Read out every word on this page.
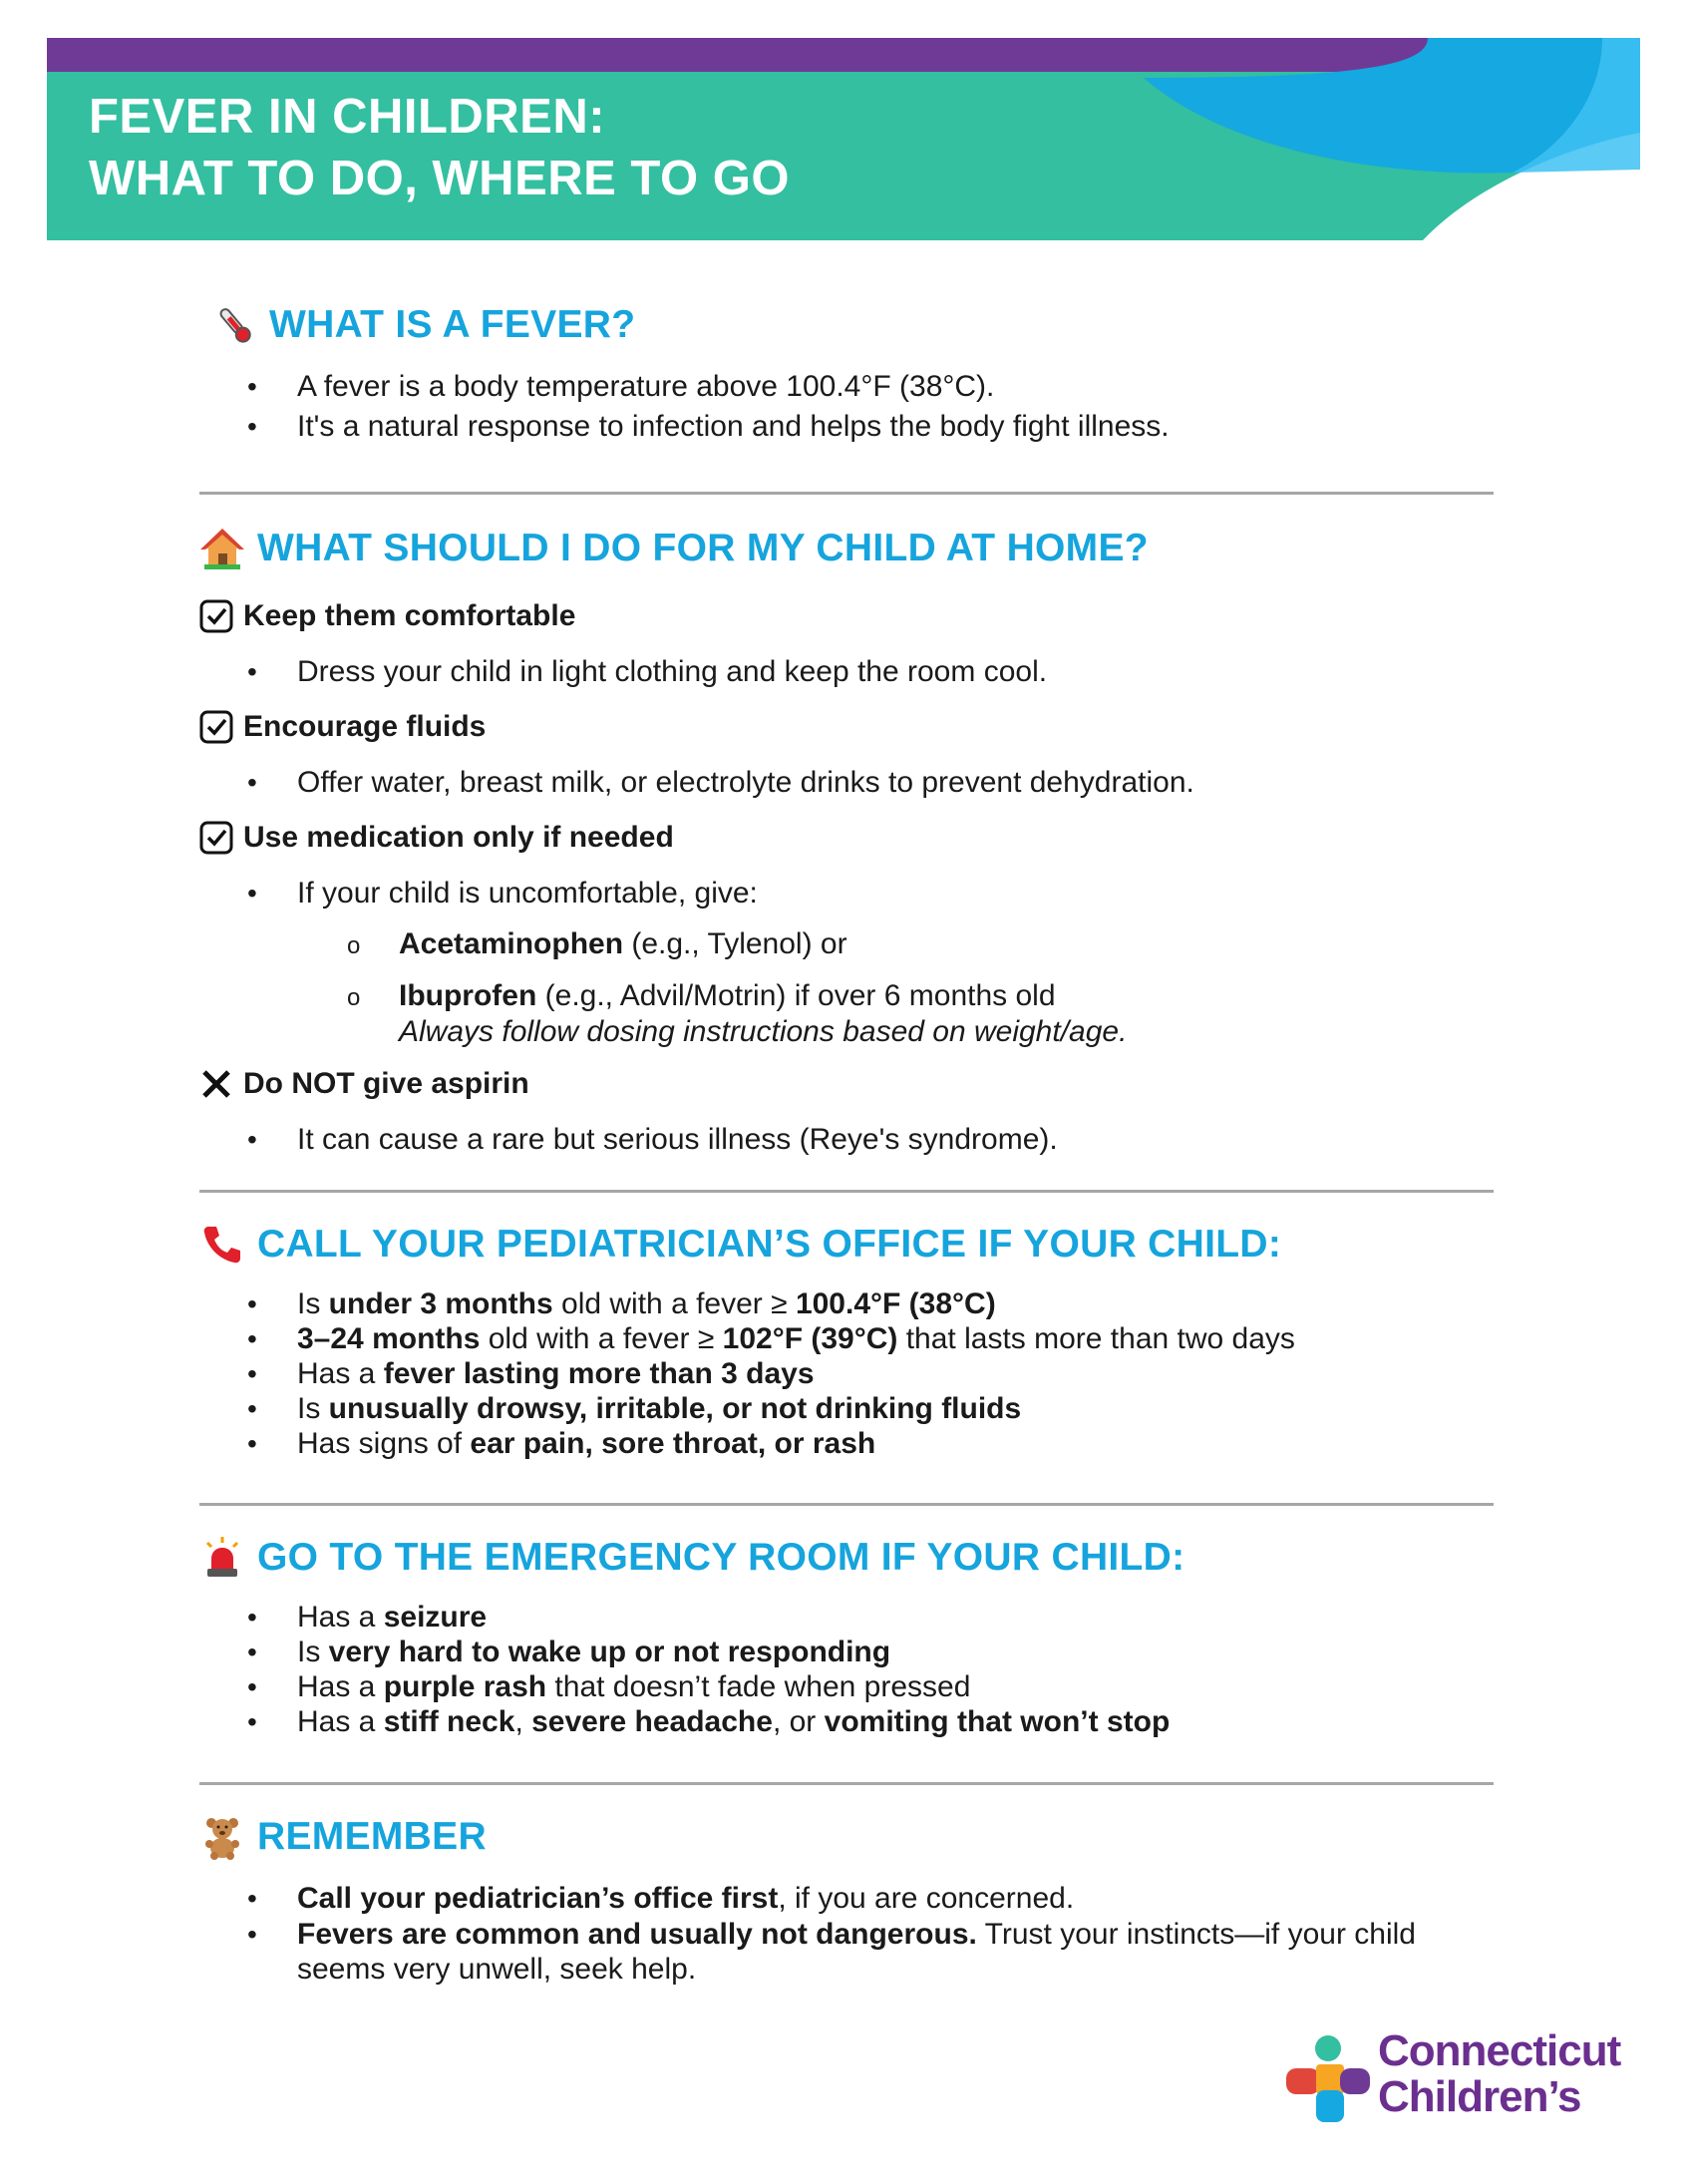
FEVER IN CHILDREN:
WHAT TO DO, WHERE TO GO
WHAT IS A FEVER?
• A fever is a body temperature above 100.4°F (38°C).
• It's a natural response to infection and helps the body fight illness.
WHAT SHOULD I DO FOR MY CHILD AT HOME?
Keep them comfortable
• Dress your child in light clothing and keep the room cool.
Encourage fluids
• Offer water, breast milk, or electrolyte drinks to prevent dehydration.
Use medication only if needed
• If your child is uncomfortable, give:
o Acetaminophen (e.g., Tylenol) or
o Ibuprofen (e.g., Advil/Motrin) if over 6 months old
Always follow dosing instructions based on weight/age.
Do NOT give aspirin
• It can cause a rare but serious illness (Reye's syndrome).
CALL YOUR PEDIATRICIAN’S OFFICE IF YOUR CHILD:
• Is under 3 months old with a fever ≥ 100.4°F (38°C)
• 3–24 months old with a fever ≥ 102°F (39°C) that lasts more than two days
• Has a fever lasting more than 3 days
• Is unusually drowsy, irritable, or not drinking fluids
• Has signs of ear pain, sore throat, or rash
GO TO THE EMERGENCY ROOM IF YOUR CHILD:
• Has a seizure
• Is very hard to wake up or not responding
• Has a purple rash that doesn’t fade when pressed
• Has a stiff neck, severe headache, or vomiting that won’t stop
REMEMBER
• Call your pediatrician’s office first, if you are concerned.
• Fevers are common and usually not dangerous. Trust your instincts—if your child seems very unwell, seek help.
Connecticut
Children’s
